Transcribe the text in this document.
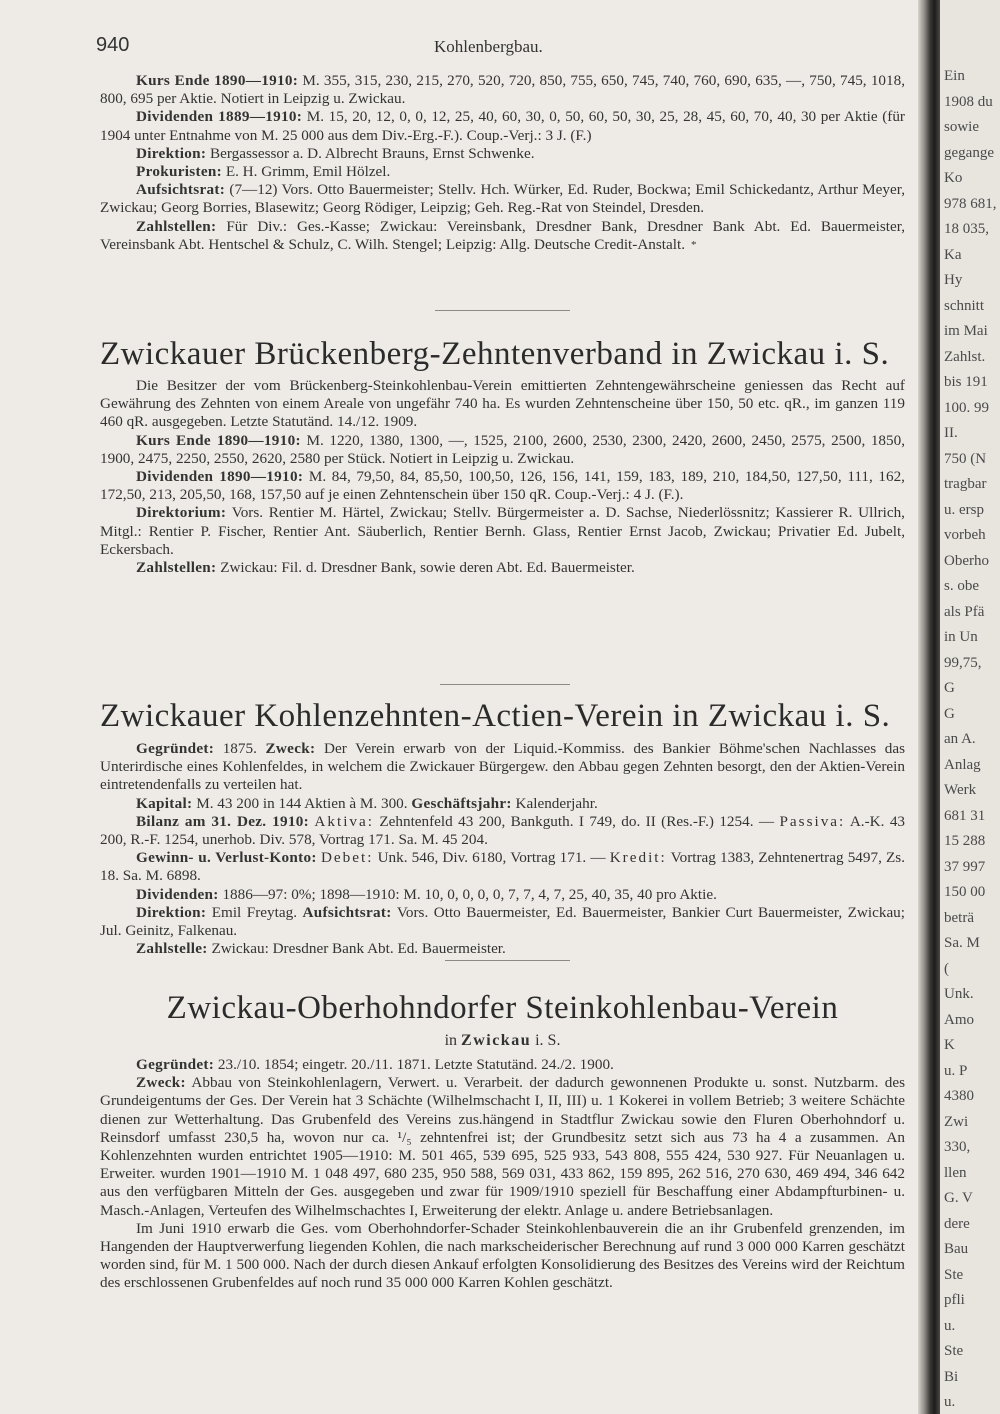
940	Kohlenbergbau.

Kurs Ende 1890—1910: M. 355, 315, 230, 215, 270, 520, 720, 850, 755, 650, 745, 740, 760, 690, 635, —, 750, 745, 1018, 800, 695 per Aktie. Notiert in Leipzig u. Zwickau.

Dividenden 1889—1910: M. 15, 20, 12, 0, 0, 12, 25, 40, 60, 30, 0, 50, 60, 50, 30, 25, 28, 45, 60, 70, 40, 30 per Aktie (für 1904 unter Entnahme von M. 25 000 aus dem Div.-Erg.-F.). Coup.-Verj.: 3 J. (F.)

Direktion: Bergassessor a. D. Albrecht Brauns, Ernst Schwenke.

Prokuristen: E. H. Grimm, Emil Hölzel.

Aufsichtsrat: (7—12) Vors. Otto Bauermeister; Stellv. Hch. Würker, Ed. Ruder, Bockwa; Emil Schickedantz, Arthur Meyer, Zwickau; Georg Borries, Blasewitz; Georg Rödiger, Leipzig; Geh. Reg.-Rat von Steindel, Dresden.

Zahlstellen: Für Div.: Ges.-Kasse; Zwickau: Vereinsbank, Dresdner Bank, Dresdner Bank Abt. Ed. Bauermeister, Vereinsbank Abt. Hentschel & Schulz, C. Wilh. Stengel; Leipzig: Allg. Deutsche Credit-Anstalt. *

Zwickauer Brückenberg-Zehntenverband in Zwickau i. S.

Die Besitzer der vom Brückenberg-Steinkohlenbau-Verein emittierten Zehntengewährscheine geniessen das Recht auf Gewährung des Zehnten von einem Areale von ungefähr 740 ha. Es wurden Zehntenscheine über 150, 50 etc. qR., im ganzen 119 460 qR. ausgegeben. Letzte Statutänd. 14./12. 1909.

Kurs Ende 1890—1910: M. 1220, 1380, 1300, —, 1525, 2100, 2600, 2530, 2300, 2420, 2600, 2450, 2575, 2500, 1850, 1900, 2475, 2250, 2550, 2620, 2580 per Stück. Notiert in Leipzig u. Zwickau.

Dividenden 1890—1910: M. 84, 79,50, 84, 85,50, 100,50, 126, 156, 141, 159, 183, 189, 210, 184,50, 127,50, 111, 162, 172,50, 213, 205,50, 168, 157,50 auf je einen Zehntenschein über 150 qR. Coup.-Verj.: 4 J. (F.).

Direktorium: Vors. Rentier M. Härtel, Zwickau; Stellv. Bürgermeister a. D. Sachse, Niederlössnitz; Kassierer R. Ullrich, Mitgl.: Rentier P. Fischer, Rentier Ant. Säuberlich, Rentier Bernh. Glass, Rentier Ernst Jacob, Zwickau; Privatier Ed. Jubelt, Eckersbach.

Zahlstellen: Zwickau: Fil. d. Dresdner Bank, sowie deren Abt. Ed. Bauermeister.

Zwickauer Kohlenzehnten-Actien-Verein in Zwickau i. S.

Gegründet: 1875. Zweck: Der Verein erwarb von der Liquid.-Kommiss. des Bankier Böhme'schen Nachlasses das Unterirdische eines Kohlenfeldes, in welchem die Zwickauer Bürgergew. den Abbau gegen Zehnten besorgt, den der Aktien-Verein eintretendenfalls zu verteilen hat.

Kapital: M. 43 200 in 144 Aktien à M. 300. Geschäftsjahr: Kalenderjahr.

Bilanz am 31. Dez. 1910: Aktiva: Zehntenfeld 43 200, Bankguth. I 749, do. II (Res.-F.) 1254. — Passiva: A.-K. 43 200, R.-F. 1254, unerhob. Div. 578, Vortrag 171. Sa. M. 45 204.

Gewinn- u. Verlust-Konto: Debet: Unk. 546, Div. 6180, Vortrag 171. — Kredit: Vortrag 1383, Zehntenertrag 5497, Zs. 18. Sa. M. 6898.

Dividenden: 1886—97: 0%; 1898—1910: M. 10, 0, 0, 0, 0, 7, 7, 4, 7, 25, 40, 35, 40 pro Aktie.

Direktion: Emil Freytag. Aufsichtsrat: Vors. Otto Bauermeister, Ed. Bauermeister, Bankier Curt Bauermeister, Zwickau; Jul. Geinitz, Falkenau.

Zahlstelle: Zwickau: Dresdner Bank Abt. Ed. Bauermeister.

Zwickau-Oberhohndorfer Steinkohlenbau-Verein
in Zwickau i. S.

Gegründet: 23./10. 1854; eingetr. 20./11. 1871. Letzte Statutänd. 24./2. 1900.

Zweck: Abbau von Steinkohlenlagern, Verwert. u. Verarbeit. der dadurch gewonnenen Produkte u. sonst. Nutzbarm. des Grundeigentums der Ges. Der Verein hat 3 Schächte (Wilhelmschacht I, II, III) u. 1 Kokerei in vollem Betrieb; 3 weitere Schächte dienen zur Wetterhaltung. Das Grubenfeld des Vereins zus.hängend in Stadtflur Zwickau sowie den Fluren Oberhohndorf u. Reinsdorf umfasst 230,5 ha, wovon nur ca. ¹/₅ zehntenfrei ist; der Grundbesitz setzt sich aus 73 ha 4 a zusammen. An Kohlenzehnten wurden entrichtet 1905—1910: M. 501 465, 539 695, 525 933, 543 808, 555 424, 530 927. Für Neuanlagen u. Erweiter. wurden 1901—1910 M. 1 048 497, 680 235, 950 588, 569 031, 433 862, 159 895, 262 516, 270 630, 469 494, 346 642 aus den verfügbaren Mitteln der Ges. ausgegeben und zwar für 1909/1910 speziell für Beschaffung einer Abdampfturbinen- u. Masch.-Anlagen, Verteufen des Wilhelmschachtes I, Erweiterung der elektr. Anlage u. andere Betriebsanlagen.

Im Juni 1910 erwarb die Ges. vom Oberhohndorfer-Schader Steinkohlenbauverein die an ihr Grubenfeld grenzenden, im Hangenden der Hauptverwerfung liegenden Kohlen, die nach markscheiderischer Berechnung auf rund 3 000 000 Karren geschätzt worden sind, für M. 1 500 000. Nach der durch diesen Ankauf erfolgten Konsolidierung des Besitzes des Vereins wird der Reichtum des erschlossenen Grubenfeldes auf noch rund 35 000 000 Karren Kohlen geschätzt.

Ein
1908 du
sowie
gegange
Ko
978 681,
18 035,
Ka
Hy
schnitt
im Mai
Zahlst.
bis 191
100. 99
II.
750 (N
tragbar
u. ersp
vorbeh
Oberho
s. obe
als Pfä
in Un
99,75,
G
G
an A.
Anlag
Werk
681 31
15 288
37 997
150 00
beträ
Sa. M
(
Unk.
Amo
K
u. P
4380
Zwi
330,
llen
G. V
dere
Bau
Ste
pfli
u.
Ste
Bi
u.
